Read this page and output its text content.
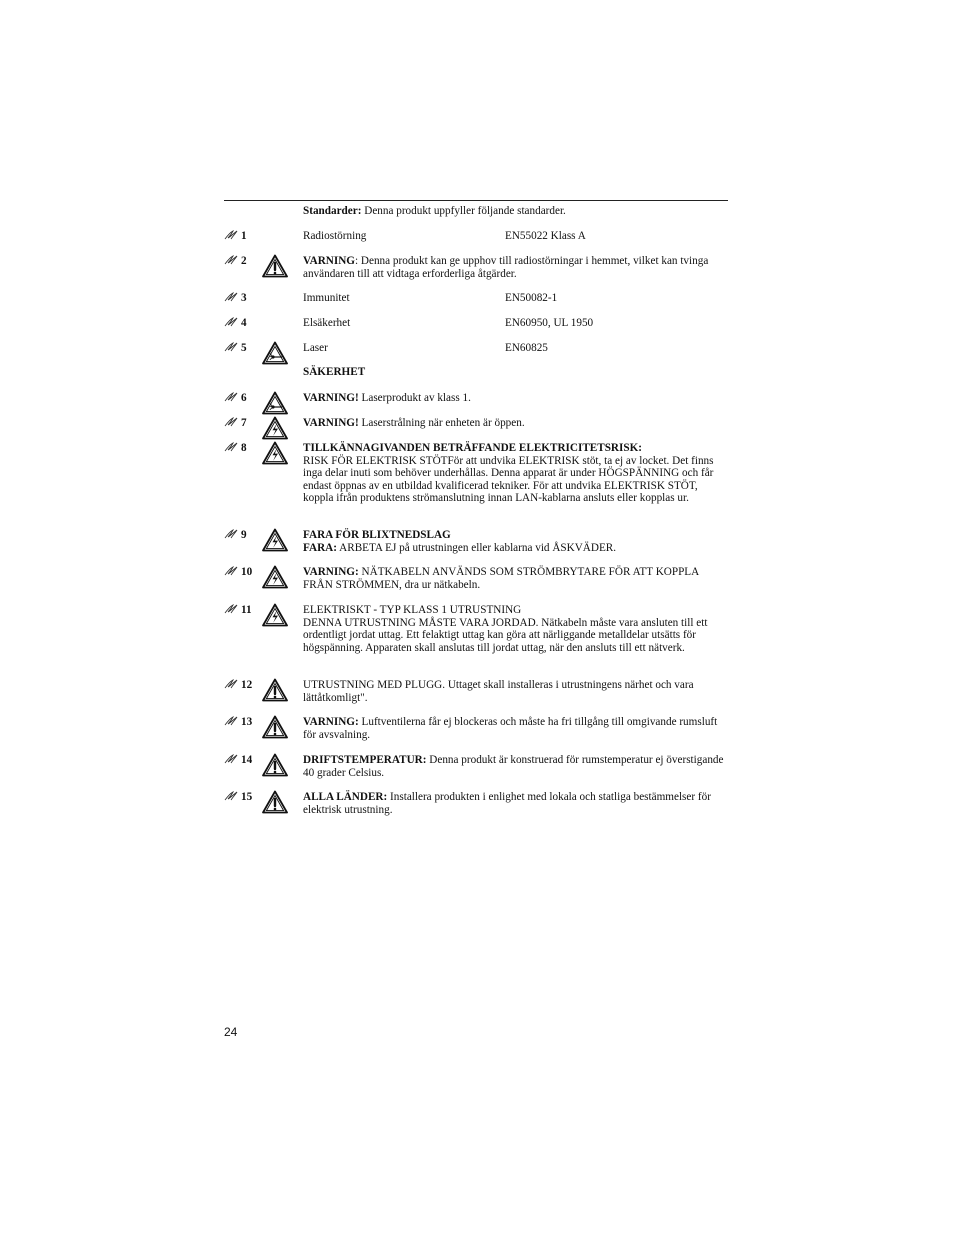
Standarder: Denna produkt uppfyller följande standarder.
1	Radiostörning	EN55022 Klass A
2	VARNING: Denna produkt kan ge upphov till radiostörningar i hemmet, vilket kan tvinga användaren till att vidtaga erforderliga åtgärder.
3	Immunitet	EN50082-1
4	Elsäkerhet	EN60950, UL 1950
5	Laser	EN60825
SÄKERHET
6	VARNING! Laserprodukt av klass 1.
7	VARNING! Laserstrålning när enheten är öppen.
8	TILLKÄNNAGIVANDEN BETRÄFFANDE ELEKTRICITETSRISK:
RISK FÖR ELEKTRISK STÖTFör att undvika ELEKTRISK stöt, ta ej av locket. Det finns inga delar inuti som behöver underhållas. Denna apparat är under HÖGSPÄNNING och får endast öppnas av en utbildad kvalificerad tekniker. För att undvika ELEKTRISK STÖT, koppla ifrån produktens strömanslutning innan LAN-kablarna ansluts eller kopplas ur.
9	FARA FÖR BLIXTNEDSLAG
FARA: ARBETA EJ på utrustningen eller kablarna vid ÅSKVÄDER.
10	VARNING: NÄTKABELN ANVÄNDS SOM STRÖMBRYTARE FÖR ATT KOPPLA FRÅN STRÖMMEN, dra ur nätkabeln.
11	ELEKTRISKT - TYP KLASS 1 UTRUSTNING
DENNA UTRUSTNING MÅSTE VARA JORDAD. Nätkabeln måste vara ansluten till ett ordentligt jordat uttag. Ett felaktigt uttag kan göra att närliggande metalldelar utsätts för högspänning. Apparaten skall anslutas till jordat uttag, när den ansluts till ett nätverk.
12	UTRUSTNING MED PLUGG. Uttaget skall installeras i utrustningens närhet och vara lättåtkomligt".
13	VARNING: Luftventilerna får ej blockeras och måste ha fri tillgång till omgivande rumsluft för avsvalning.
14	DRIFTSTEMPERATUR: Denna produkt är konstruerad för rumstemperatur ej överstigande 40 grader Celsius.
15	ALLA LÄNDER: Installera produkten i enlighet med lokala och statliga bestämmelser för elektrisk utrustning.
24
